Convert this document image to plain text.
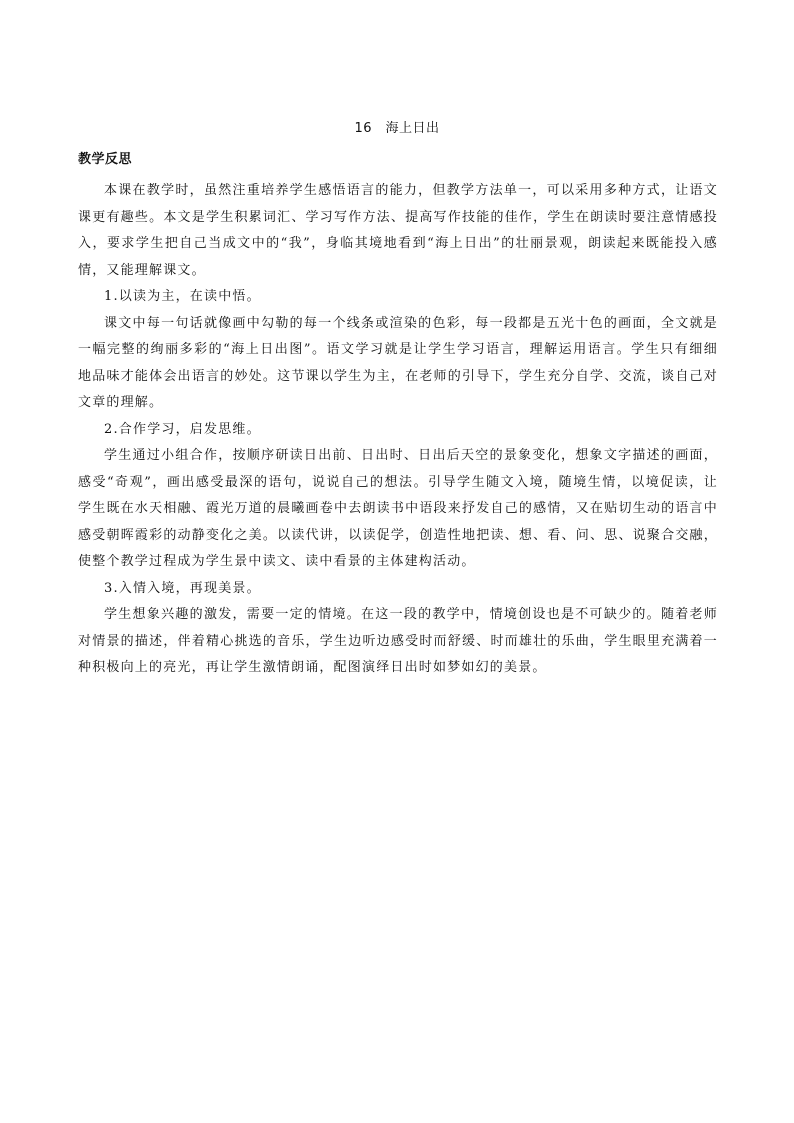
16　海上日出
教学反思

本课在教学时，虽然注重培养学生感悟语言的能力，但教学方法单一，可以采用多种方式，让语文课更有趣些。本文是学生积累词汇、学习写作方法、提高写作技能的佳作，学生在朗读时要注意情感投入，要求学生把自己当成文中的“我”，身临其境地看到“海上日出”的壮丽景观，朗读起来既能投入感情，又能理解课文。

1.以读为主，在读中悟。

课文中每一句话就像画中勾勒的每一个线条或渲染的色彩，每一段都是五光十色的画面，全文就是一幅完整的绚丽多彩的“海上日出图”。语文学习就是让学生学习语言，理解运用语言。学生只有细细地品味才能体会出语言的妙处。这节课以学生为主，在老师的引导下，学生充分自学、交流，谈自己对文章的理解。

2.合作学习，启发思维。

学生通过小组合作，按顺序研读日出前、日出时、日出后天空的景象变化，想象文字描述的画面，感受“奇观”，画出感受最深的语句，说说自己的想法。引导学生随文入境，随境生情，以境促读，让学生既在水天相融、霞光万道的晨曦画卷中去朗读书中语段来抒发自己的感情，又在贴切生动的语言中感受朝晖霞彩的动静变化之美。以读代讲，以读促学，创造性地把读、想、看、问、思、说聚合交融，使整个教学过程成为学生景中读文、读中看景的主体建构活动。

3.入情入境，再现美景。

学生想象兴趣的激发，需要一定的情境。在这一段的教学中，情境创设也是不可缺少的。随着老师对情景的描述，伴着精心挑选的音乐，学生边听边感受时而舒缓、时而雄壮的乐曲，学生眼里充满着一种积极向上的亮光，再让学生激情朗诵，配图演绎日出时如梦如幻的美景。
